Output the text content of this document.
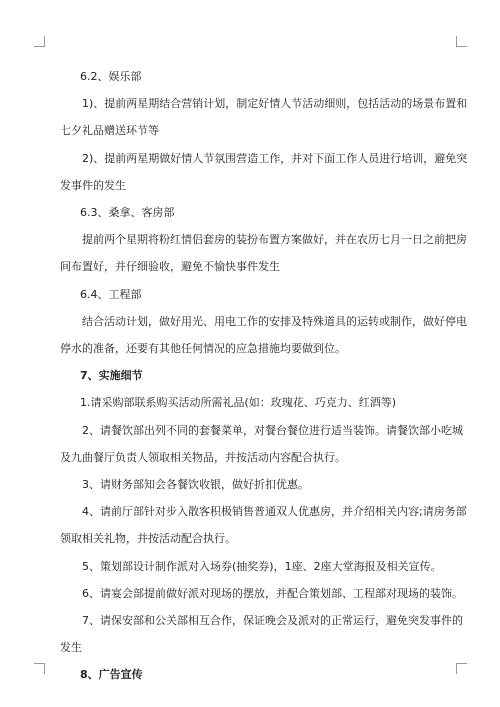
6.2、娱乐部
1)、提前两星期结合营销计划，制定好情人节活动细则，包括活动的场景布置和
七夕礼品赠送环节等
2)、提前两星期做好情人节氛围营造工作，并对下面工作人员进行培训，避免突
发事件的发生
6.3、桑拿、客房部
提前两个星期将粉红情侣套房的装扮布置方案做好，并在农历七月一日之前把房
间布置好，并仔细验收，避免不愉快事件发生
6.4、工程部
结合活动计划，做好用光、用电工作的安排及特殊道具的运转或制作，做好停电
停水的准备，还要有其他任何情况的应急措施均要做到位。
7、实施细节
1.请采购部联系购买活动所需礼品(如：玫瑰花、巧克力、红酒等)
2、请餐饮部出列不同的套餐菜单，对餐台餐位进行适当装饰。请餐饮部小吃城
及九曲餐厅负责人领取相关物品，并按活动内容配合执行。
3、请财务部知会各餐饮收银，做好折扣优惠。
4、请前厅部针对步入散客积极销售普通双人优惠房，并介绍相关内容;请房务部
领取相关礼物，并按活动配合执行。
5、策划部设计制作派对入场券(抽奖券)，1座、2座大堂海报及相关宣传。
6、请宴会部提前做好派对现场的摆放，并配合策划部、工程部对现场的装饰。
7、请保安部和公关部相互合作，保证晚会及派对的正常运行，避免突发事件的
发生
8、广告宣传
